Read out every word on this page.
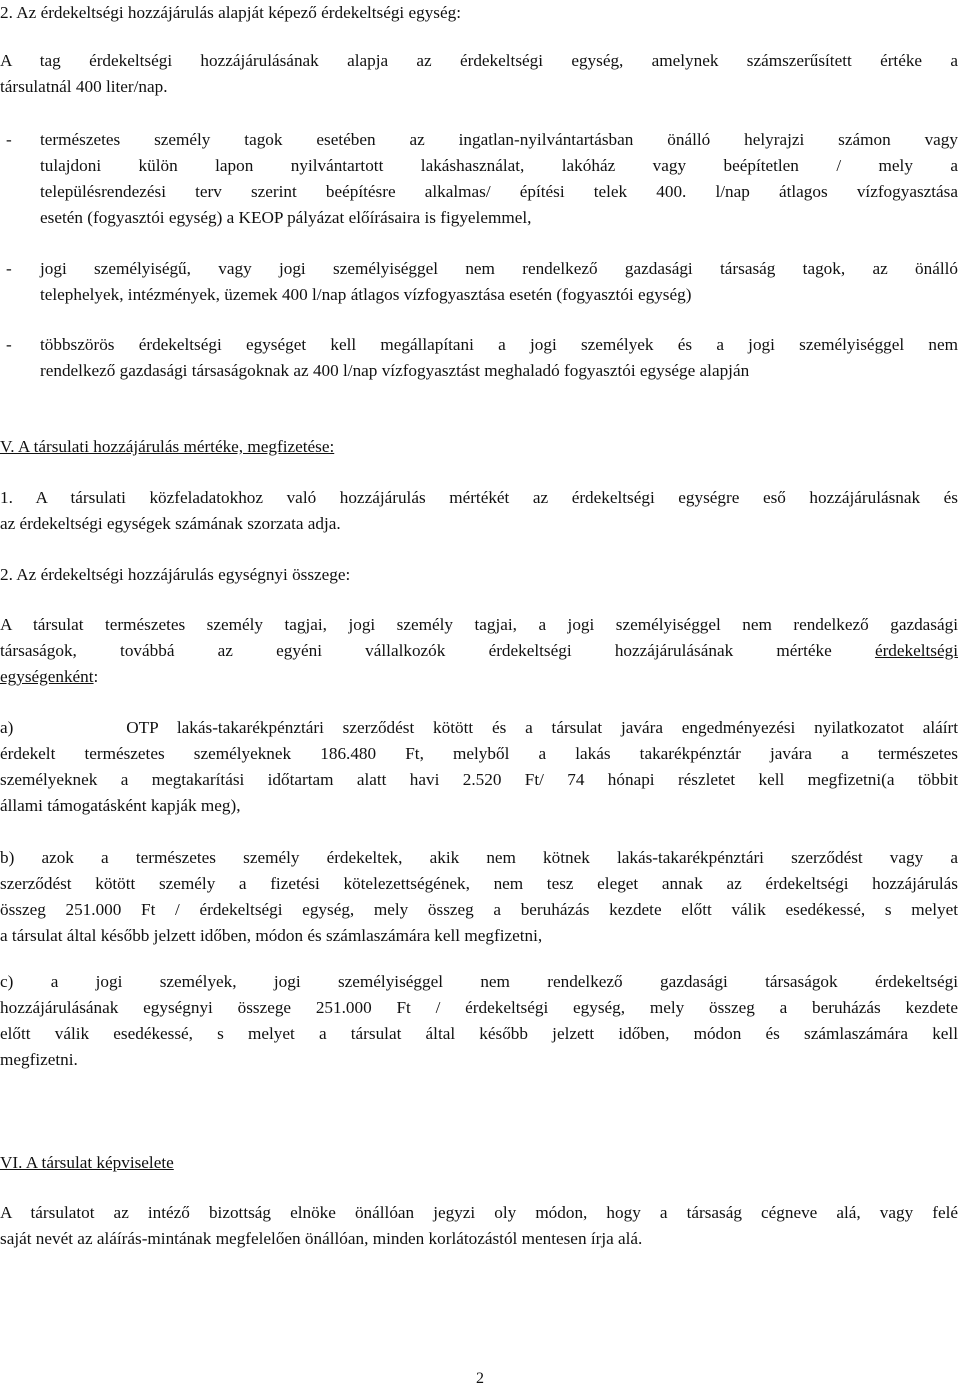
2. Az érdekeltségi hozzájárulás alapját képező érdekeltségi egység:

A tag érdekeltségi hozzájárulásának alapja az érdekeltségi egység, amelynek számszerűsített értéke a
társulatnál 400 liter/nap.

- természetes személy tagok esetében az ingatlan-nyilvántartásban önálló helyrajzi számon vagy
tulajdoni külön lapon nyilvántartott lakáshasználat, lakóház vagy beépítetlen / mely a
településrendezési terv szerint beépítésre alkalmas/ építési telek 400. l/nap átlagos vízfogyasztása
esetén (fogyasztói egység) a KEOP pályázat előírásaira is figyelemmel,
- jogi személyiségű, vagy jogi személyiséggel nem rendelkező gazdasági társaság tagok, az önálló
telephelyek, intézmények, üzemek 400 l/nap átlagos vízfogyasztása esetén (fogyasztói egység)
- többszörös érdekeltségi egységet kell megállapítani a jogi személyek és a jogi személyiséggel nem
rendelkező gazdasági társaságoknak az 400 l/nap vízfogyasztást meghaladó fogyasztói egysége alapján

V. A társulati hozzájárulás mértéke, megfizetése:

1. A társulati közfeladatokhoz való hozzájárulás mértékét az érdekeltségi egységre eső hozzájárulásnak és
az érdekeltségi egységek számának szorzata adja.

2. Az érdekeltségi hozzájárulás egységnyi összege:

A társulat természetes személy tagjai, jogi személy tagjai, a jogi személyiséggel nem rendelkező gazdasági
társaságok, továbbá az egyéni vállalkozók érdekeltségi hozzájárulásának mértéke	érdekeltségi
egységenként:

a)      OTP lakás-takarékpénztári szerződést kötött és a társulat javára engedményezési nyilatkozatot aláírt
érdekelt természetes személyeknek 186.480 Ft, melyből a lakás takarékpénztár javára a természetes
személyeknek a megtakarítási időtartam alatt havi 2.520 Ft/ 74 hónapi részletet kell megfizetni(a többit
állami támogatásként kapják meg),

b) azok a természetes személy érdekeltek, akik nem kötnek lakás-takarékpénztári szerződést vagy a
szerződést kötött személy a fizetési kötelezettségének, nem tesz eleget annak az érdekeltségi hozzájárulás
összeg 251.000 Ft / érdekeltségi egység, mely összeg a beruházás kezdete előtt válik esedékessé, s melyet
a társulat által később jelzett időben, módon és számlaszámára kell megfizetni,

c) a jogi személyek, jogi személyiséggel nem rendelkező gazdasági társaságok érdekeltségi
hozzájárulásának egységnyi összege 251.000 Ft / érdekeltségi egység, mely összeg a beruházás kezdete
előtt válik esedékessé, s melyet a társulat által később jelzett időben, módon és számlaszámára kell
megfizetni.

VI. A társulat képviselete

A társulatot az intéző bizottság elnöke önállóan jegyzi oly módon, hogy a társaság cégneve alá, vagy felé
saját nevét az aláírás-mintának megfelelően önállóan, minden korlátozástól mentesen írja alá.

2
